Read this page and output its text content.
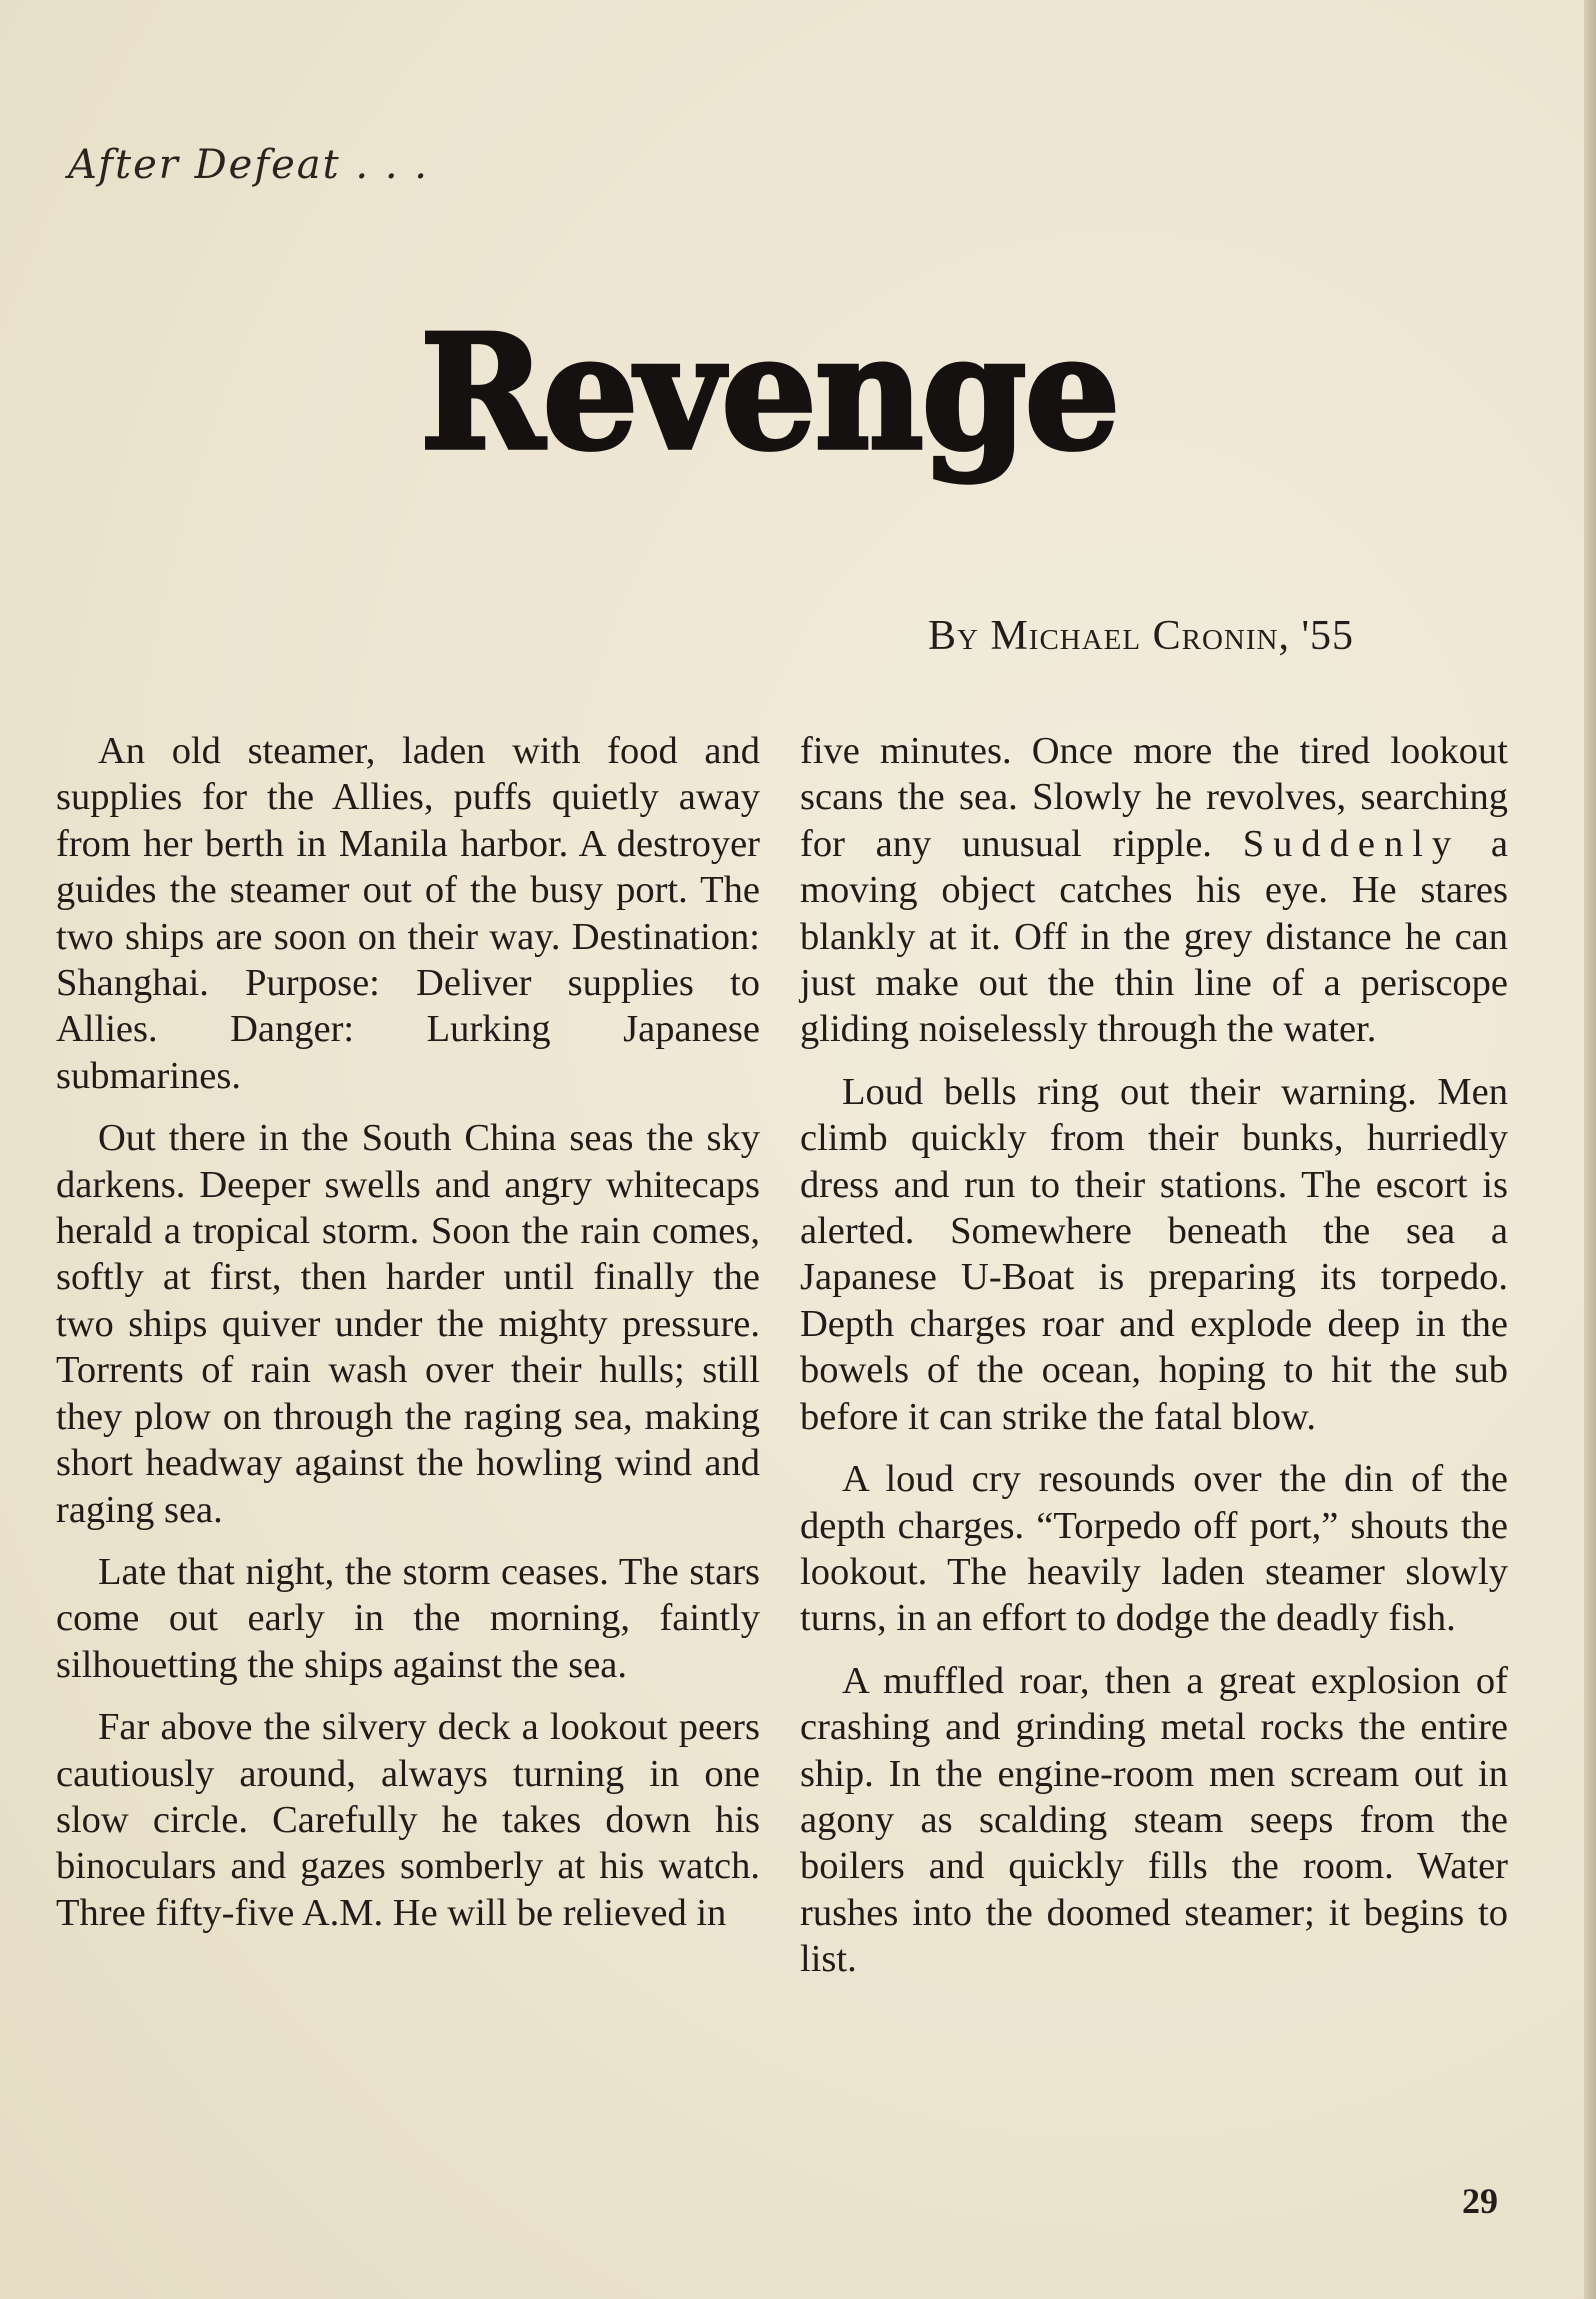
After Defeat . . .
Revenge
By Michael Cronin, '55

An old steamer, laden with food and supplies for the Allies, puffs quietly away from her berth in Manila harbor. A destroyer guides the steamer out of the busy port. The two ships are soon on their way. Destination: Shanghai. Purpose: Deliver supplies to Allies. Danger: Lurking Japanese submarines.

Out there in the South China seas the sky darkens. Deeper swells and angry whitecaps herald a tropical storm. Soon the rain comes, softly at first, then harder until finally the two ships quiver under the mighty pressure. Torrents of rain wash over their hulls; still they plow on through the raging sea, making short headway against the howling wind and raging sea.

Late that night, the storm ceases. The stars come out early in the morning, faintly silhouetting the ships against the sea.

Far above the silvery deck a lookout peers cautiously around, always turning in one slow circle. Carefully he takes down his binoculars and gazes somberly at his watch. Three fifty-five A.M. He will be relieved in

five minutes. Once more the tired lookout scans the sea. Slowly he revolves, searching for any unusual ripple. Suddenly a moving object catches his eye. He stares blankly at it. Off in the grey distance he can just make out the thin line of a periscope gliding noiselessly through the water.

Loud bells ring out their warning. Men climb quickly from their bunks, hurriedly dress and run to their stations. The escort is alerted. Somewhere beneath the sea a Japanese U-Boat is preparing its torpedo. Depth charges roar and explode deep in the bowels of the ocean, hoping to hit the sub before it can strike the fatal blow.

A loud cry resounds over the din of the depth charges. “Torpedo off port,” shouts the lookout. The heavily laden steamer slowly turns, in an effort to dodge the deadly fish.

A muffled roar, then a great explosion of crashing and grinding metal rocks the entire ship. In the engine-room men scream out in agony as scalding steam seeps from the boilers and quickly fills the room. Water rushes into the doomed steamer; it begins to list.

29
